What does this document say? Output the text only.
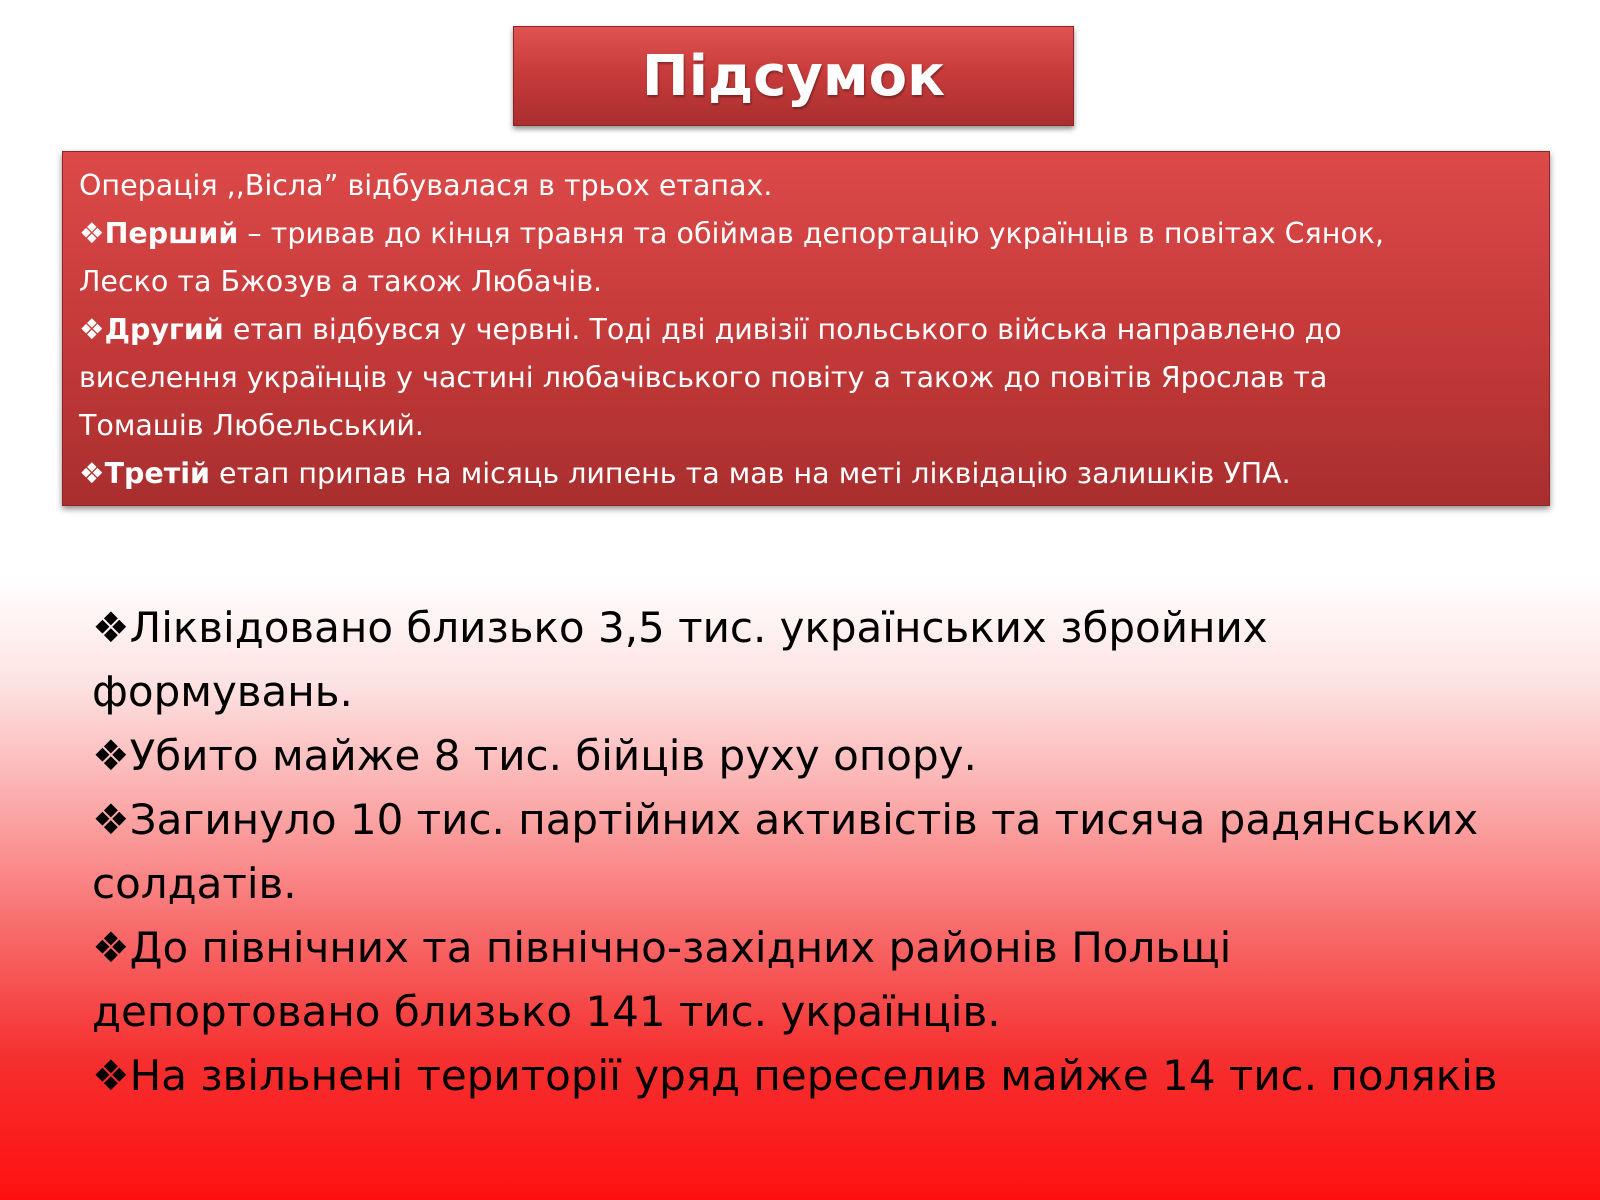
Підсумок

Операція ,,Вісла” відбувалася в трьох етапах.

❖Перший – тривав до кінця травня та обіймав депортацію українців в повітах Сянок,

Леско та Бжозув а також Любачів.

❖Другий етап відбувся у червні. Тоді дві дивізії польського війська направлено до

виселення українців у частині любачівського повіту а також до повітів Ярослав та

Томашів Любельський.

❖Третій етап припав на місяць липень та мав на меті ліквідацію залишків УПА.

❖Ліквідовано близько 3,5 тис. українських збройних

формувань.

❖Убито майже 8 тис. бійців руху опору.

❖Загинуло 10 тис. партійних активістів та тисяча радянських

солдатів.

❖До північних та північно-західних районів Польщі

депортовано близько 141 тис. українців.

❖На звільнені території уряд переселив майже 14 тис. поляків
